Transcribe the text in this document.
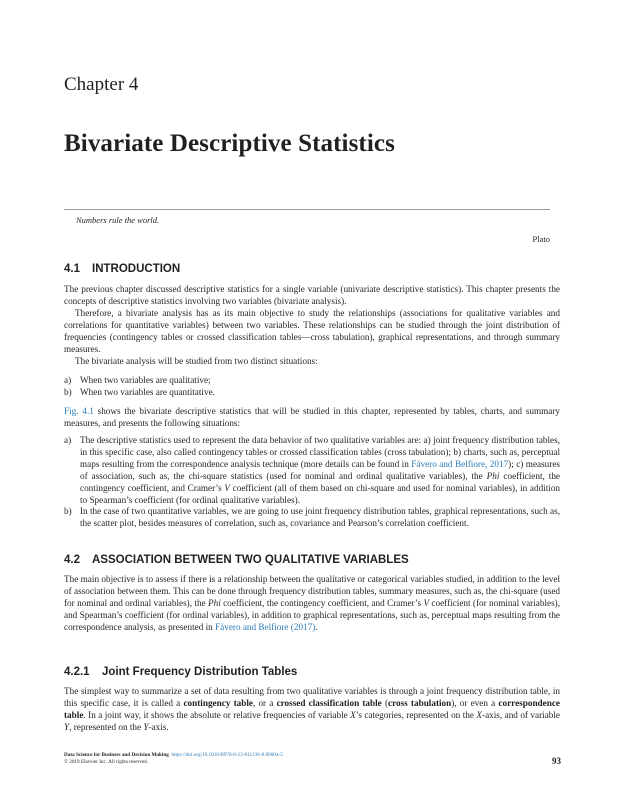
Chapter 4
Bivariate Descriptive Statistics
Numbers rule the world.
Plato
4.1 INTRODUCTION

The previous chapter discussed descriptive statistics for a single variable (univariate descriptive statistics). This chapter presents the concepts of descriptive statistics involving two variables (bivariate analysis).

Therefore, a bivariate analysis has as its main objective to study the relationships (associations for qualitative variables and correlations for quantitative variables) between two variables. These relationships can be studied through the joint distribution of frequencies (contingency tables or crossed classification tables—cross tabulation), graphical representations, and through summary measures.

The bivariate analysis will be studied from two distinct situations:

a) When two variables are qualitative;
b) When two variables are quantitative.

Fig. 4.1 shows the bivariate descriptive statistics that will be studied in this chapter, represented by tables, charts, and summary measures, and presents the following situations:

a) The descriptive statistics used to represent the data behavior of two qualitative variables are: a) joint frequency distribution tables, in this specific case, also called contingency tables or crossed classification tables (cross tabulation); b) charts, such as, perceptual maps resulting from the correspondence analysis technique (more details can be found in Fávero and Belfiore, 2017); c) measures of association, such as, the chi-square statistics (used for nominal and ordinal qualitative variables), the Phi coefficient, the contingency coefficient, and Cramer’s V coefficient (all of them based on chi-square and used for nominal variables), in addition to Spearman’s coefficient (for ordinal qualitative variables).
b) In the case of two quantitative variables, we are going to use joint frequency distribution tables, graphical representations, such as, the scatter plot, besides measures of correlation, such as, covariance and Pearson’s correlation coefficient.
4.2 ASSOCIATION BETWEEN TWO QUALITATIVE VARIABLES

The main objective is to assess if there is a relationship between the qualitative or categorical variables studied, in addition to the level of association between them. This can be done through frequency distribution tables, summary measures, such as, the chi-square (used for nominal and ordinal variables), the Phi coefficient, the contingency coefficient, and Cramer’s V coefficient (for nominal variables), and Spearman’s coefficient (for ordinal variables), in addition to graphical representations, such as, perceptual maps resulting from the correspondence analysis, as presented in Fávero and Belfiore (2017).

4.2.1 Joint Frequency Distribution Tables

The simplest way to summarize a set of data resulting from two qualitative variables is through a joint frequency distribution table, in this specific case, it is called a contingency table, or a crossed classification table (cross tabulation), or even a correspondence table. In a joint way, it shows the absolute or relative frequencies of variable X’s categories, represented on the X-axis, and of variable Y, represented on the Y-axis.

Data Science for Business and Decision Making https://doi.org/10.1016/B978-0-12-811216-8.00004-5
© 2019 Elsevier Inc. All rights reserved.	93
